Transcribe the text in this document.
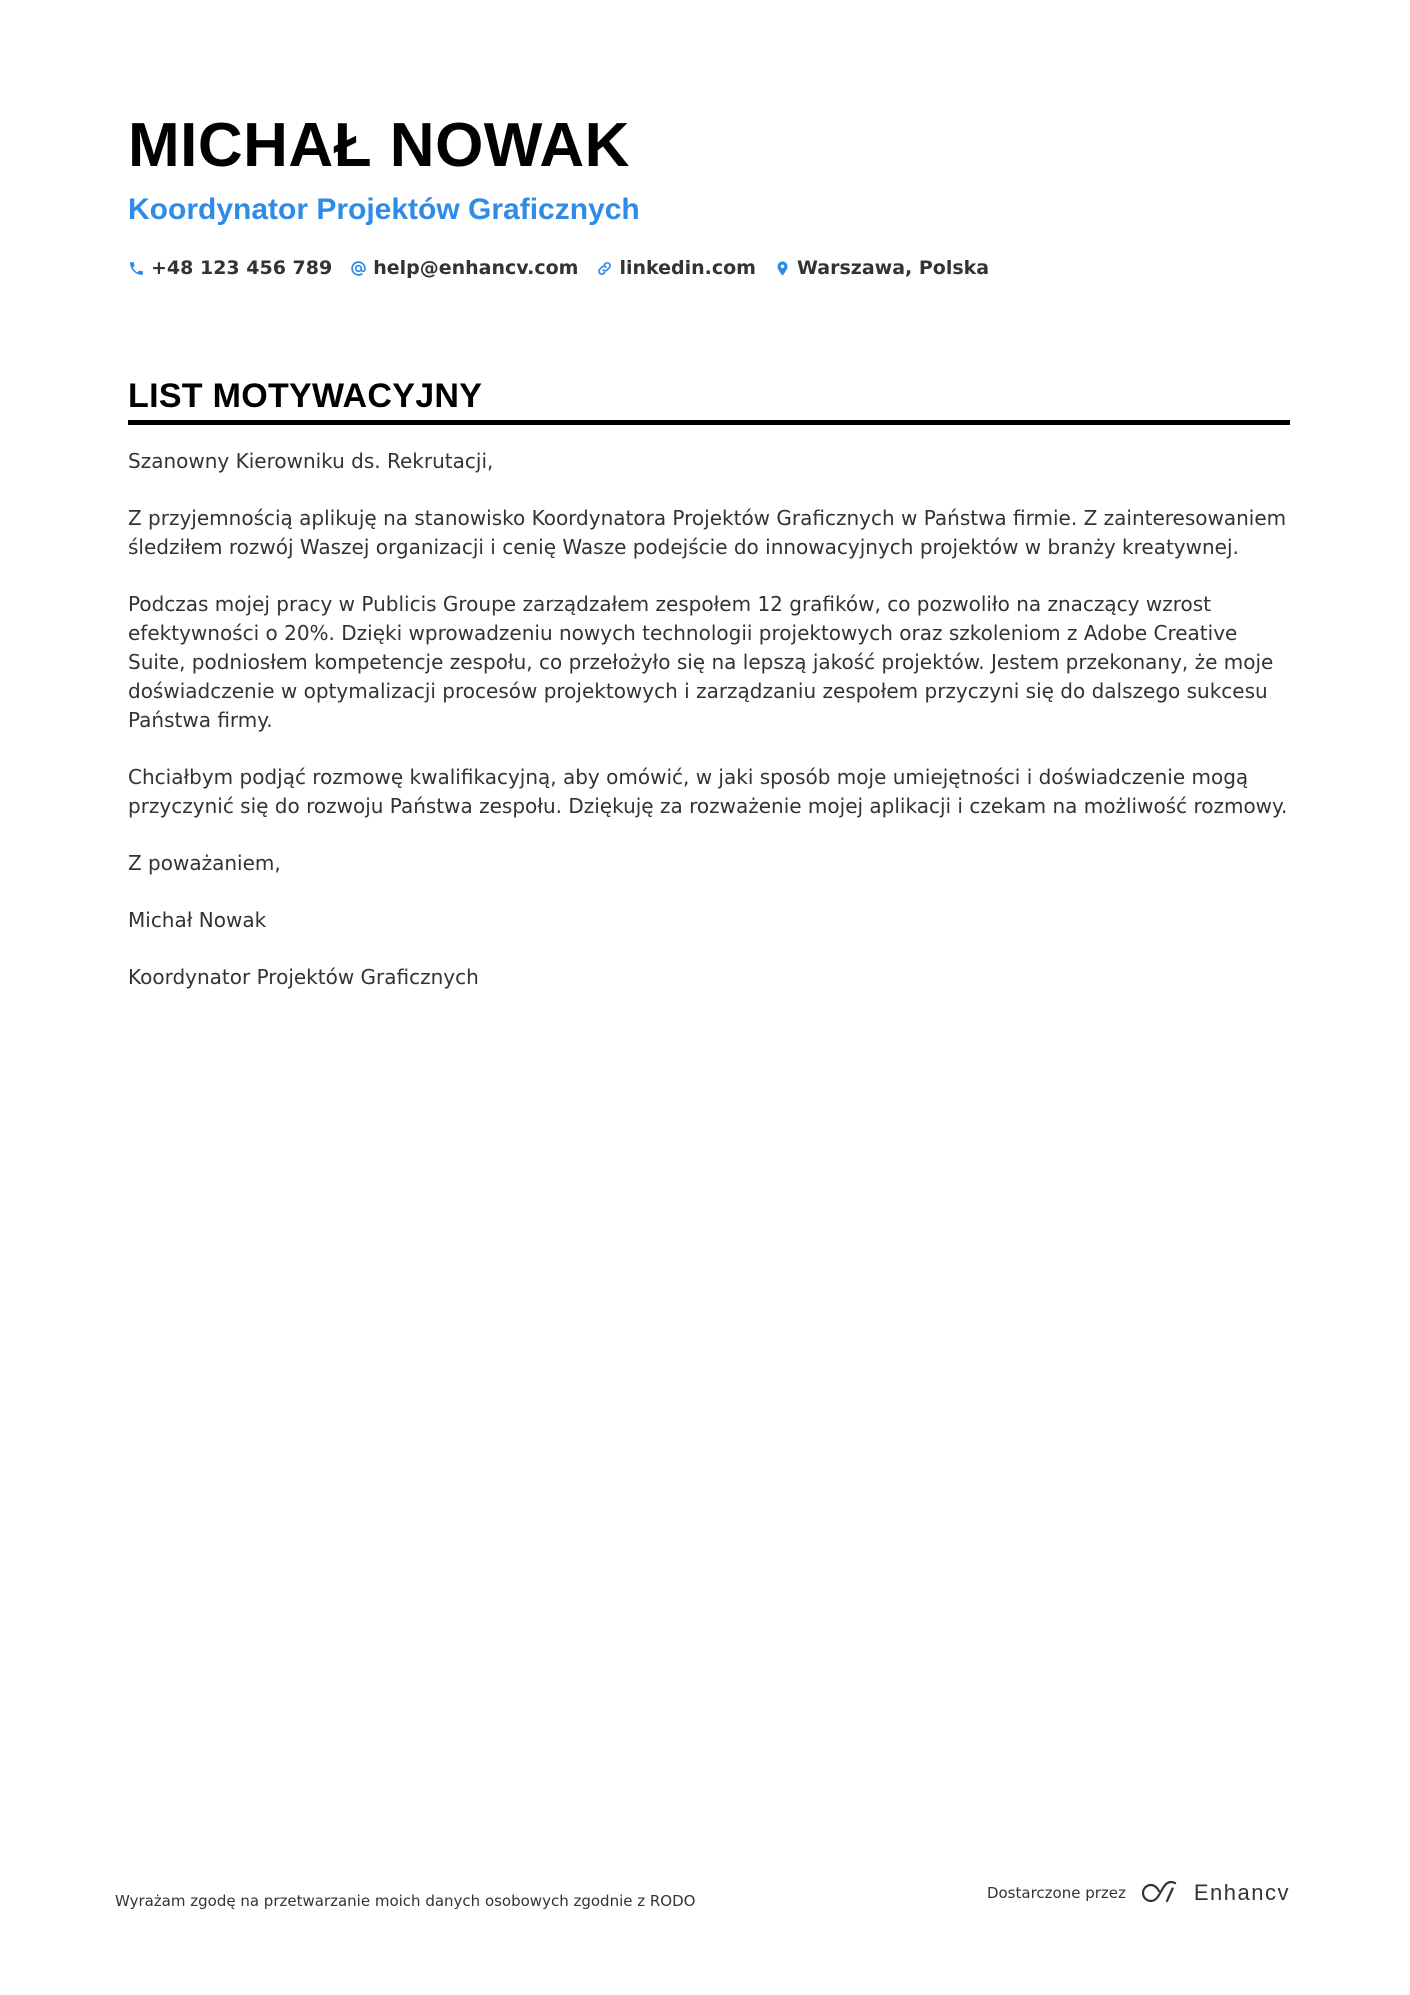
MICHAŁ NOWAK
Koordynator Projektów Graficznych
+48 123 456 789 help@enhancv.com linkedin.com Warszawa, Polska
LIST MOTYWACYJNY

Szanowny Kierowniku ds. Rekrutacji,

Z przyjemnością aplikuję na stanowisko Koordynatora Projektów Graficznych w Państwa firmie. Z zainteresowaniem śledziłem rozwój Waszej organizacji i cenię Wasze podejście do innowacyjnych projektów w branży kreatywnej.

Podczas mojej pracy w Publicis Groupe zarządzałem zespołem 12 grafików, co pozwoliło na znaczący wzrost efektywności o 20%. Dzięki wprowadzeniu nowych technologii projektowych oraz szkoleniom z Adobe Creative Suite, podniosłem kompetencje zespołu, co przełożyło się na lepszą jakość projektów. Jestem przekonany, że moje doświadczenie w optymalizacji procesów projektowych i zarządzaniu zespołem przyczyni się do dalszego sukcesu Państwa firmy.

Chciałbym podjąć rozmowę kwalifikacyjną, aby omówić, w jaki sposób moje umiejętności i doświadczenie mogą przyczynić się do rozwoju Państwa zespołu. Dziękuję za rozważenie mojej aplikacji i czekam na możliwość rozmowy.

Z poważaniem,

Michał Nowak

Koordynator Projektów Graficznych

Wyrażam zgodę na przetwarzanie moich danych osobowych zgodnie z RODO	Dostarczone przez	Enhancv
